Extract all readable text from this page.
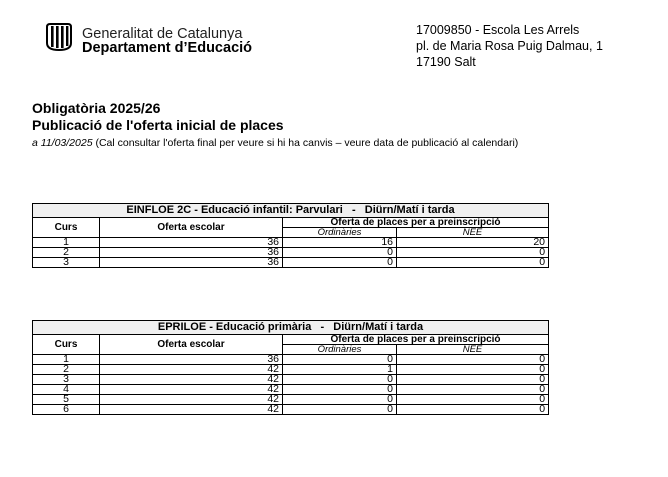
Generalitat de Catalunya
Departament d’Educació
17009850 - Escola Les Arrels
pl. de Maria Rosa Puig Dalmau, 1
17190 Salt
Obligatòria 2025/26
Publicació de l'oferta inicial de places
a 11/03/2025 (Cal consultar l'oferta final per veure si hi ha canvis – veure data de publicació al calendari)
EINFLOE 2C - Educació infantil: Parvulari   -   Diürn/Matí i tarda			
Curs	Oferta escolar	Oferta de places per a preinscripció	
		Ordinàries	NEE
1	36	16	20
2	36	0	0
3	36	0	0
EPRILOE - Educació primària   -   Diürn/Matí i tarda			
Curs	Oferta escolar	Oferta de places per a preinscripció	
		Ordinàries	NEE
1	36	0	0
2	42	1	0
3	42	0	0
4	42	0	0
5	42	0	0
6	42	0	0
